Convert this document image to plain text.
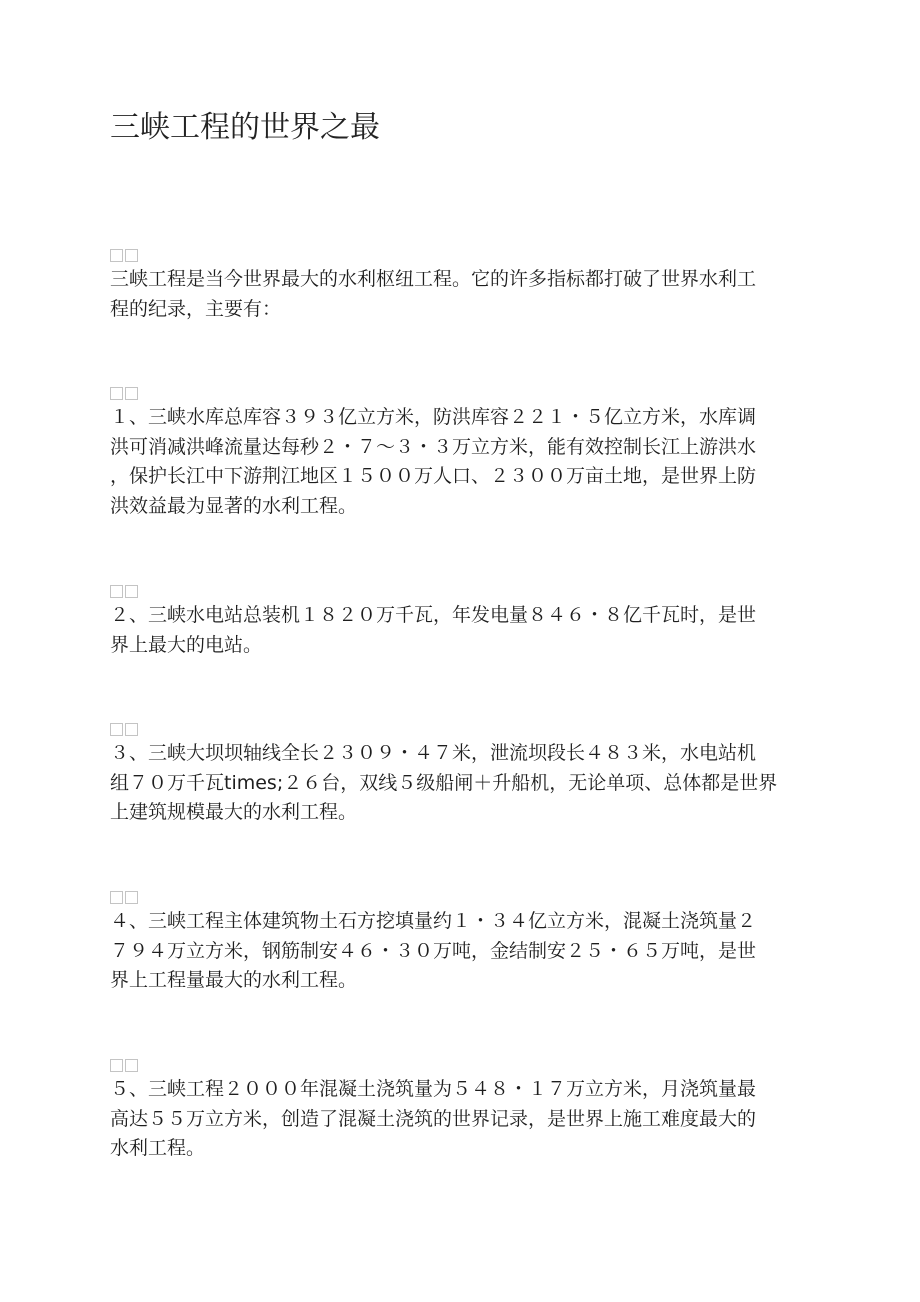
三峡工程的世界之最

三峡工程是当今世界最大的水利枢纽工程。它的许多指标都打破了世界水利工
程的纪录，主要有：

１、三峡水库总库容３９３亿立方米，防洪库容２２１・５亿立方米，水库调
洪可消减洪峰流量达每秒２・７～３・３万立方米，能有效控制长江上游洪水
，保护长江中下游荆江地区１５００万人口、２３００万亩土地，是世界上防
洪效益最为显著的水利工程。

２、三峡水电站总装机１８２０万千瓦，年发电量８４６・８亿千瓦时，是世
界上最大的电站。

３、三峡大坝坝轴线全长２３０９・４７米，泄流坝段长４８３米，水电站机
组７０万千瓦times;２６台，双线５级船闸＋升船机，无论单项、总体都是世界
上建筑规模最大的水利工程。

４、三峡工程主体建筑物土石方挖填量约１・３４亿立方米，混凝土浇筑量２
７９４万立方米，钢筋制安４６・３０万吨，金结制安２５・６５万吨，是世
界上工程量最大的水利工程。

５、三峡工程２０００年混凝土浇筑量为５４８・１７万立方米，月浇筑量最
高达５５万立方米，创造了混凝土浇筑的世界记录，是世界上施工难度最大的
水利工程。
